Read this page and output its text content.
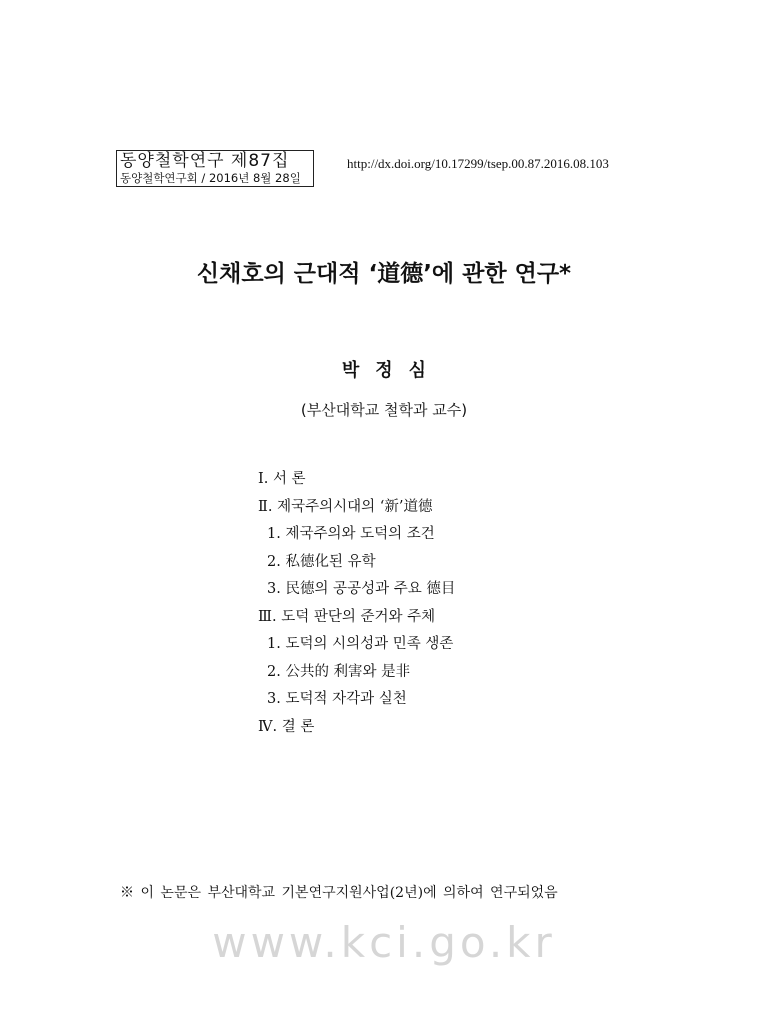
동양철학연구 제87집
동양철학연구회 / 2016년 8월 28일
http://dx.doi.org/10.17299/tsep.00.87.2016.08.103
신채호의 근대적 ‘道德’에 관한 연구*
박정심
(부산대학교 철학과 교수)
Ⅰ. 서 론
Ⅱ. 제국주의시대의 ‘新’道德
1. 제국주의와 도덕의 조건
2. 私德化된 유학
3. 民德의 공공성과 주요 德目
Ⅲ. 도덕 판단의 준거와 주체
1. 도덕의 시의성과 민족 생존
2. 公共的 利害와 是非
3. 도덕적 자각과 실천
Ⅳ. 결 론
※ 이 논문은 부산대학교 기본연구지원사업(2년)에 의하여 연구되었음
www.kci.go.kr
